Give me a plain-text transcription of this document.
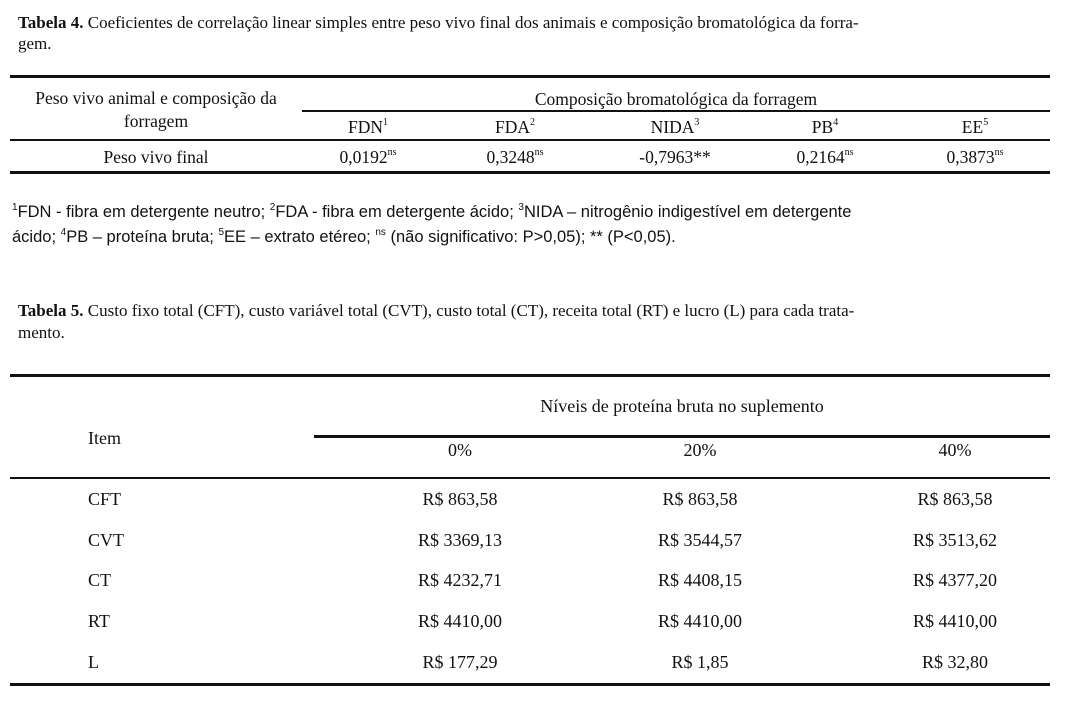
Tabela 4. Coeficientes de correlação linear simples entre peso vivo final dos animais e composição bromatológica da forra-
gem.
Peso vivo animal e composição da
forragem
Composição bromatológica da forragem
FDN$^1$	FDA$^2$	NIDA$^3$	$PB^4$	$EE^5$
Peso vivo final	$0,0192^{ns}$	$0,3248^{ns}$	-0,7963**	$0,2164^{ns}$	$0,3873^{ns}$
$^1$FDN - fibra em detergente neutro; $^2$FDA - fibra em detergente ácido; $^3$NIDA – nitrogênio indigestível em detergente
ácido; $^4$PB – proteína bruta; $^5$EE – extrato etéreo; $^{ns}$ (não significativo: P>0,05); ** (P<0,05).
Tabela 5. Custo fixo total (CFT), custo variável total (CVT), custo total (CT), receita total (RT) e lucro (L) para cada trata-
mento.
Item
Níveis de proteína bruta no suplemento
0%	20%	40%
CFT	R$ 863,58	R$ 863,58	R$ 863,58
CVT	R$ 3369,13	R$ 3544,57	R$ 3513,62
CT	R$ 4232,71	R$ 4408,15	R$ 4377,20
RT	R$ 4410,00	R$ 4410,00	R$ 4410,00
L	R$ 177,29	R$ 1,85	R$ 32,80
